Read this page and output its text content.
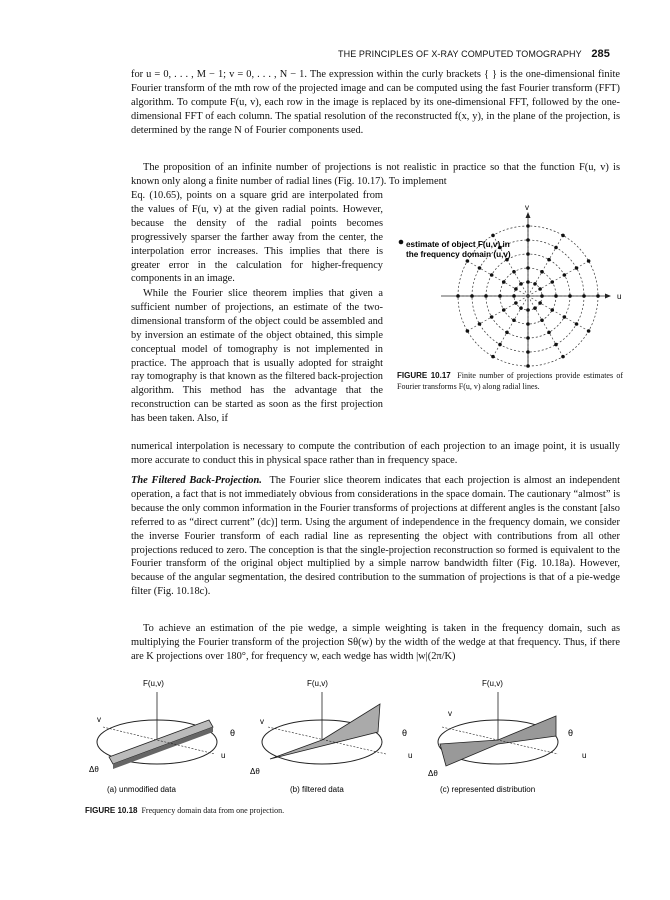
THE PRINCIPLES OF X-RAY COMPUTED TOMOGRAPHY 285

for u = 0, . . . , M − 1; v = 0, . . . , N − 1. The expression within the curly brackets { } is the one-dimensional finite Fourier transform of the mth row of the projected image and can be computed using the fast Fourier transform (FFT) algorithm. To compute F(u, v), each row in the image is replaced by its one-dimensional FFT, followed by the one-dimensional FFT of each column. The spatial resolution of the reconstructed f(x, y), in the plane of the projection, is determined by the range N of Fourier components used.

The proposition of an infinite number of projections is not realistic in practice so that the function F(u, v) is known only along a finite number of radial lines (Fig. 10.17). To implement

Eq. (10.65), points on a square grid are interpolated from the values of F(u, v) at the given radial points. However, because the density of the radial points becomes progressively sparser the farther away from the center, the interpolation error increases. This implies that there is greater error in the calculation for higher-frequency components in an image.

While the Fourier slice theorem implies that given a sufficient number of projections, an estimate of the two-dimensional transform of the object could be assembled and by inversion an estimate of the object obtained, this simple conceptual model of tomography is not implemented in practice. The approach that is usually adopted for straight ray tomography is that known as the filtered back-projection algorithm. This method has the advantage that the reconstruction can be started as soon as the first projection has been taken. Also, if

numerical interpolation is necessary to compute the contribution of each projection to an image point, it is usually more accurate to conduct this in physical space rather than in frequency space.

The Filtered Back-Projection. The Fourier slice theorem indicates that each projection is almost an independent operation, a fact that is not immediately obvious from considerations in the space domain. The cautionary “almost” is because the only common information in the Fourier transforms of projections at different angles is the constant [also referred to as “direct current” (dc)] term. Using the argument of independence in the frequency domain, we consider the inverse Fourier transform of each radial line as representing the object with contributions from all other projections reduced to zero. The conception is that the single-projection reconstruction so formed is equivalent to the Fourier transform of the original object multiplied by a simple narrow bandwidth filter (Fig. 10.18a). However, because of the angular segmentation, the desired contribution to the summation of projections is that of a pie-wedge filter (Fig. 10.18c).

To achieve an estimation of the pie wedge, a simple weighting is taken in the frequency domain, such as multiplying the Fourier transform of the projection Sθ(w) by the width of the wedge at that frequency. Thus, if there are K projections over 180°, for frequency w, each wedge has width |w|(2π/K)

v
u
estimate of object F(u,v) in
the frequency domain (u,v)
FIGURE 10.17 Finite number of projections provide estimates of Fourier transforms F(u, v) along radial lines.
F(u,v)
v
u
θ
Δθ
(a) unmodified data
F(u,v)
v
u
θ
Δθ
(b) filtered data
F(u,v)
v
u
θ
Δθ
(c) represented distribution
FIGURE 10.18 Frequency domain data from one projection.
